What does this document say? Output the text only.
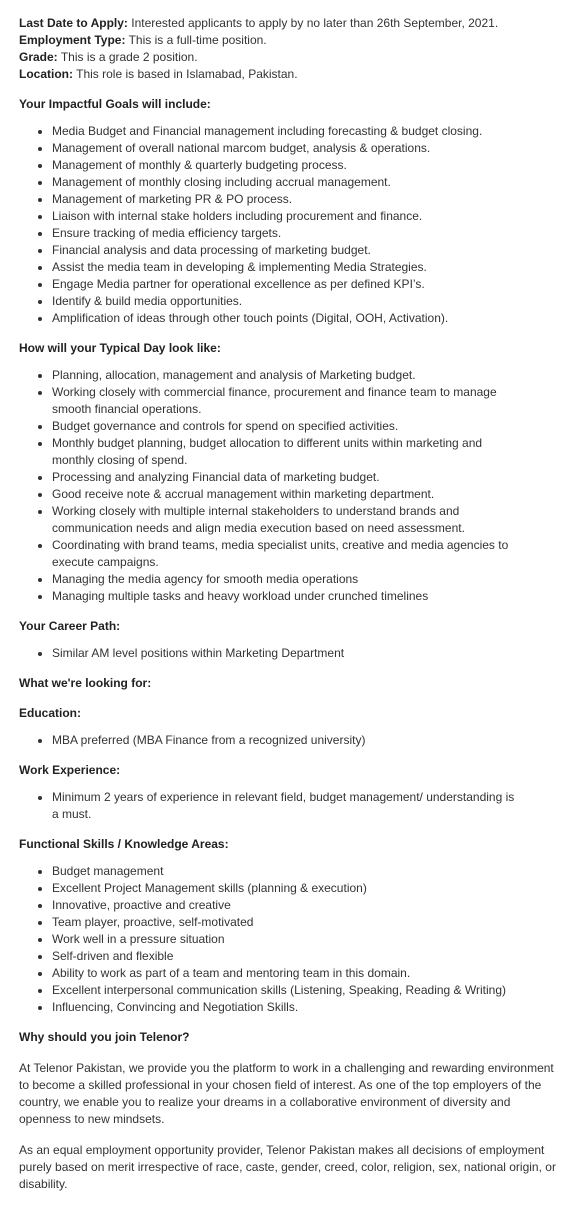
Last Date to Apply: Interested applicants to apply by no later than 26th September, 2021.

Employment Type: This is a full-time position.

Grade: This is a grade 2 position.

Location: This role is based in Islamabad, Pakistan.

Your Impactful Goals will include:

Media Budget and Financial management including forecasting & budget closing.
Management of overall national marcom budget, analysis & operations.
Management of monthly & quarterly budgeting process.
Management of monthly closing including accrual management.
Management of marketing PR & PO process.
Liaison with internal stake holders including procurement and finance.
Ensure tracking of media efficiency targets.
Financial analysis and data processing of marketing budget.
Assist the media team in developing & implementing Media Strategies.
Engage Media partner for operational excellence as per defined KPI’s.
Identify & build media opportunities.
Amplification of ideas through other touch points (Digital, OOH, Activation).

How will your Typical Day look like:

Planning, allocation, management and analysis of Marketing budget.
Working closely with commercial finance, procurement and finance team to manage smooth financial operations.
Budget governance and controls for spend on specified activities.
Monthly budget planning, budget allocation to different units within marketing and monthly closing of spend.
Processing and analyzing Financial data of marketing budget.
Good receive note & accrual management within marketing department.
Working closely with multiple internal stakeholders to understand brands and communication needs and align media execution based on need assessment.
Coordinating with brand teams, media specialist units, creative and media agencies to execute campaigns.
Managing the media agency for smooth media operations
Managing multiple tasks and heavy workload under crunched timelines

Your Career Path:

Similar AM level positions within Marketing Department

What we're looking for:

Education:

MBA preferred (MBA Finance from a recognized university)

Work Experience:

Minimum 2 years of experience in relevant field, budget management/ understanding is a must.

Functional Skills / Knowledge Areas:

Budget management
Excellent Project Management skills (planning & execution)
Innovative, proactive and creative
Team player, proactive, self-motivated
Work well in a pressure situation
Self-driven and flexible
Ability to work as part of a team and mentoring team in this domain.
Excellent interpersonal communication skills (Listening, Speaking, Reading & Writing)
Influencing, Convincing and Negotiation Skills.

Why should you join Telenor?

At Telenor Pakistan, we provide you the platform to work in a challenging and rewarding environment to become a skilled professional in your chosen field of interest. As one of the top employers of the country, we enable you to realize your dreams in a collaborative environment of diversity and openness to new mindsets.

As an equal employment opportunity provider, Telenor Pakistan makes all decisions of employment purely based on merit irrespective of race, caste, gender, creed, color, religion, sex, national origin, or disability.
